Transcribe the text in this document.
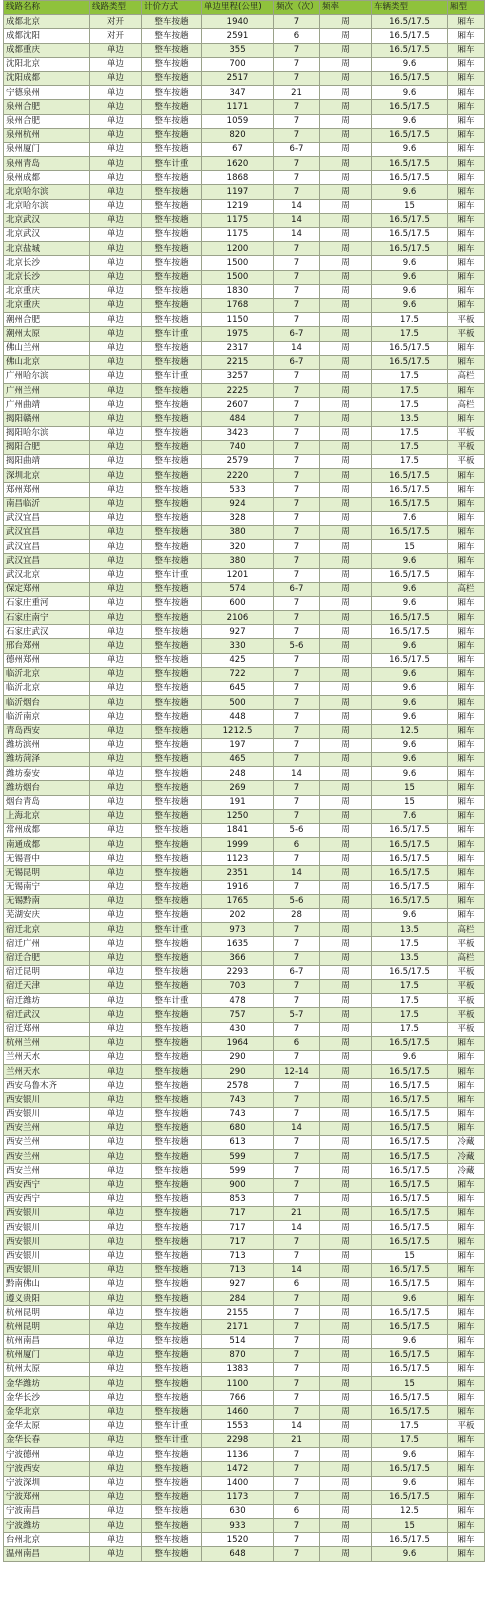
线路名称	线路类型	计价方式	单边里程(公里)	频次（次）	频率	车辆类型	厢型
成都北京	对开	整车按趟	1940	7	周	16.5/17.5	厢车
成都沈阳	对开	整车按趟	2591	6	周	16.5/17.5	厢车
成都重庆	单边	整车按趟	355	7	周	16.5/17.5	厢车
沈阳北京	单边	整车按趟	700	7	周	9.6	厢车
沈阳成都	单边	整车按趟	2517	7	周	16.5/17.5	厢车
宁德泉州	单边	整车按趟	347	21	周	9.6	厢车
泉州合肥	单边	整车按趟	1171	7	周	16.5/17.5	厢车
泉州合肥	单边	整车按趟	1059	7	周	9.6	厢车
泉州杭州	单边	整车按趟	820	7	周	16.5/17.5	厢车
泉州厦门	单边	整车按趟	67	6-7	周	9.6	厢车
泉州青岛	单边	整车计重	1620	7	周	16.5/17.5	厢车
泉州成都	单边	整车按趟	1868	7	周	16.5/17.5	厢车
北京哈尔滨	单边	整车按趟	1197	7	周	9.6	厢车
北京哈尔滨	单边	整车按趟	1219	14	周	15	厢车
北京武汉	单边	整车按趟	1175	14	周	16.5/17.5	厢车
北京武汉	单边	整车按趟	1175	14	周	16.5/17.5	厢车
北京盐城	单边	整车按趟	1200	7	周	16.5/17.5	厢车
北京长沙	单边	整车按趟	1500	7	周	9.6	厢车
北京长沙	单边	整车按趟	1500	7	周	9.6	厢车
北京重庆	单边	整车按趟	1830	7	周	9.6	厢车
北京重庆	单边	整车按趟	1768	7	周	9.6	厢车
潮州合肥	单边	整车按趟	1150	7	周	17.5	平板
潮州太原	单边	整车计重	1975	6-7	周	17.5	平板
佛山兰州	单边	整车按趟	2317	14	周	16.5/17.5	厢车
佛山北京	单边	整车按趟	2215	6-7	周	16.5/17.5	厢车
广州哈尔滨	单边	整车计重	3257	7	周	17.5	高栏
广州兰州	单边	整车按趟	2225	7	周	17.5	厢车
广州曲靖	单边	整车按趟	2607	7	周	17.5	高栏
揭阳赣州	单边	整车按趟	484	7	周	13.5	厢车
揭阳哈尔滨	单边	整车按趟	3423	7	周	17.5	平板
揭阳合肥	单边	整车按趟	740	7	周	17.5	平板
揭阳曲靖	单边	整车按趟	2579	7	周	17.5	平板
深圳北京	单边	整车按趟	2220	7	周	16.5/17.5	厢车
郑州郑州	单边	整车按趟	533	7	周	16.5/17.5	厢车
南昌临沂	单边	整车按趟	924	7	周	16.5/17.5	厢车
武汉宜昌	单边	整车按趟	328	7	周	7.6	厢车
武汉宜昌	单边	整车按趟	380	7	周	16.5/17.5	厢车
武汉宜昌	单边	整车按趟	320	7	周	15	厢车
武汉宜昌	单边	整车按趟	380	7	周	9.6	厢车
武汉北京	单边	整车计重	1201	7	周	16.5/17.5	厢车
保定郑州	单边	整车按趟	574	6-7	周	9.6	高栏
石家庄重河	单边	整车按趟	600	7	周	9.6	厢车
石家庄南宁	单边	整车按趟	2106	7	周	16.5/17.5	厢车
石家庄武汉	单边	整车按趟	927	7	周	16.5/17.5	厢车
邢台郑州	单边	整车按趟	330	5-6	周	9.6	厢车
德州郑州	单边	整车按趟	425	7	周	16.5/17.5	厢车
临沂北京	单边	整车按趟	722	7	周	9.6	厢车
临沂北京	单边	整车按趟	645	7	周	9.6	厢车
临沂烟台	单边	整车按趟	500	7	周	9.6	厢车
临沂南京	单边	整车按趟	448	7	周	9.6	厢车
青岛西安	单边	整车按趟	1212.5	7	周	12.5	厢车
潍坊滨州	单边	整车按趟	197	7	周	9.6	厢车
潍坊菏泽	单边	整车按趟	465	7	周	9.6	厢车
潍坊泰安	单边	整车按趟	248	14	周	9.6	厢车
潍坊烟台	单边	整车按趟	269	7	周	15	厢车
烟台青岛	单边	整车按趟	191	7	周	15	厢车
上海北京	单边	整车按趟	1250	7	周	7.6	厢车
常州成都	单边	整车按趟	1841	5-6	周	16.5/17.5	厢车
南通成都	单边	整车按趟	1999	6	周	16.5/17.5	厢车
无锡晋中	单边	整车按趟	1123	7	周	16.5/17.5	厢车
无锡昆明	单边	整车按趟	2351	14	周	16.5/17.5	厢车
无锡南宁	单边	整车按趟	1916	7	周	16.5/17.5	厢车
无锡黔南	单边	整车按趟	1765	5-6	周	16.5/17.5	厢车
芜湖安庆	单边	整车按趟	202	28	周	9.6	厢车
宿迁北京	单边	整车计重	973	7	周	13.5	高栏
宿迁广州	单边	整车按趟	1635	7	周	17.5	平板
宿迁合肥	单边	整车按趟	366	7	周	13.5	高栏
宿迁昆明	单边	整车按趟	2293	6-7	周	16.5/17.5	平板
宿迁天津	单边	整车按趟	703	7	周	17.5	平板
宿迁潍坊	单边	整车计重	478	7	周	17.5	平板
宿迁武汉	单边	整车按趟	757	5-7	周	17.5	平板
宿迁郑州	单边	整车按趟	430	7	周	17.5	平板
杭州兰州	单边	整车按趟	1964	6	周	16.5/17.5	厢车
兰州天水	单边	整车按趟	290	7	周	9.6	厢车
兰州天水	单边	整车按趟	290	12-14	周	16.5/17.5	厢车
西安乌鲁木齐	单边	整车按趟	2578	7	周	16.5/17.5	厢车
西安银川	单边	整车按趟	743	7	周	16.5/17.5	厢车
西安银川	单边	整车按趟	743	7	周	16.5/17.5	厢车
西安兰州	单边	整车按趟	680	14	周	16.5/17.5	厢车
西安兰州	单边	整车按趟	613	7	周	16.5/17.5	冷藏
西安兰州	单边	整车按趟	599	7	周	16.5/17.5	冷藏
西安兰州	单边	整车按趟	599	7	周	16.5/17.5	冷藏
西安西宁	单边	整车按趟	900	7	周	16.5/17.5	厢车
西安西宁	单边	整车按趟	853	7	周	16.5/17.5	厢车
西安银川	单边	整车按趟	717	21	周	16.5/17.5	厢车
西安银川	单边	整车按趟	717	14	周	16.5/17.5	厢车
西安银川	单边	整车按趟	717	7	周	16.5/17.5	厢车
西安银川	单边	整车按趟	713	7	周	15	厢车
西安银川	单边	整车按趟	713	14	周	16.5/17.5	厢车
黔南佛山	单边	整车按趟	927	6	周	16.5/17.5	厢车
遵义贵阳	单边	整车按趟	284	7	周	9.6	厢车
杭州昆明	单边	整车按趟	2155	7	周	16.5/17.5	厢车
杭州昆明	单边	整车按趟	2171	7	周	16.5/17.5	厢车
杭州南昌	单边	整车按趟	514	7	周	9.6	厢车
杭州厦门	单边	整车按趟	870	7	周	16.5/17.5	厢车
杭州太原	单边	整车按趟	1383	7	周	16.5/17.5	厢车
金华潍坊	单边	整车按趟	1100	7	周	15	厢车
金华长沙	单边	整车按趟	766	7	周	16.5/17.5	厢车
金华北京	单边	整车按趟	1460	7	周	16.5/17.5	厢车
金华太原	单边	整车计重	1553	14	周	17.5	平板
金华长春	单边	整车计重	2298	21	周	17.5	厢车
宁波德州	单边	整车按趟	1136	7	周	9.6	厢车
宁波西安	单边	整车按趟	1472	7	周	16.5/17.5	厢车
宁波深圳	单边	整车按趟	1400	7	周	9.6	厢车
宁波郑州	单边	整车按趟	1173	7	周	16.5/17.5	厢车
宁波南昌	单边	整车按趟	630	6	周	12.5	厢车
宁波潍坊	单边	整车按趟	933	7	周	15	厢车
台州北京	单边	整车按趟	1520	7	周	16.5/17.5	厢车
温州南昌	单边	整车按趟	648	7	周	9.6	厢车
